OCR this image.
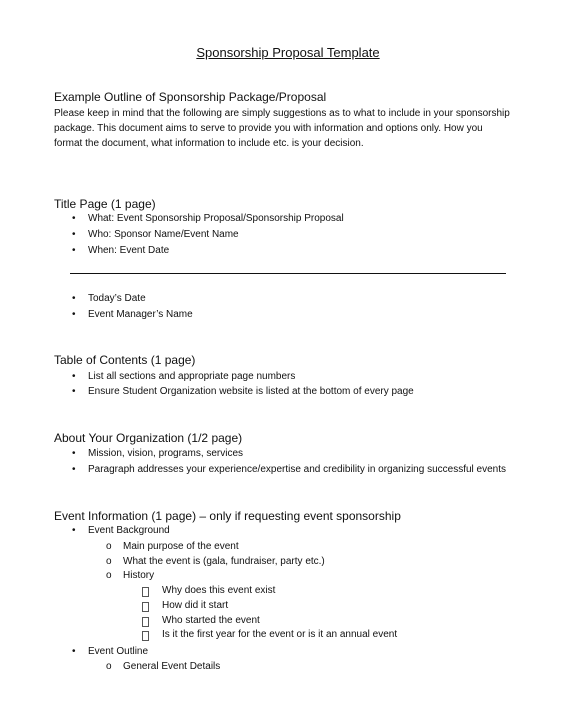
Sponsorship Proposal Template
Example Outline of Sponsorship Package/Proposal
Please keep in mind that the following are simply suggestions as to what to include in your sponsorship
package. This document aims to serve to provide you with information and options only. How you
format the document, what information to include etc. is your decision.
Title Page (1 page)
• What: Event Sponsorship Proposal/Sponsorship Proposal
• Who: Sponsor Name/Event Name
• When: Event Date
• Today’s Date
• Event Manager’s Name
Table of Contents (1 page)
• List all sections and appropriate page numbers
• Ensure Student Organization website is listed at the bottom of every page
About Your Organization (1/2 page)
• Mission, vision, programs, services
• Paragraph addresses your experience/expertise and credibility in organizing successful events
Event Information (1 page) – only if requesting event sponsorship
• Event Background
o Main purpose of the event
o What the event is (gala, fundraiser, party etc.)
o History
Why does this event exist
How did it start
Who started the event
Is it the first year for the event or is it an annual event
• Event Outline
o General Event Details
